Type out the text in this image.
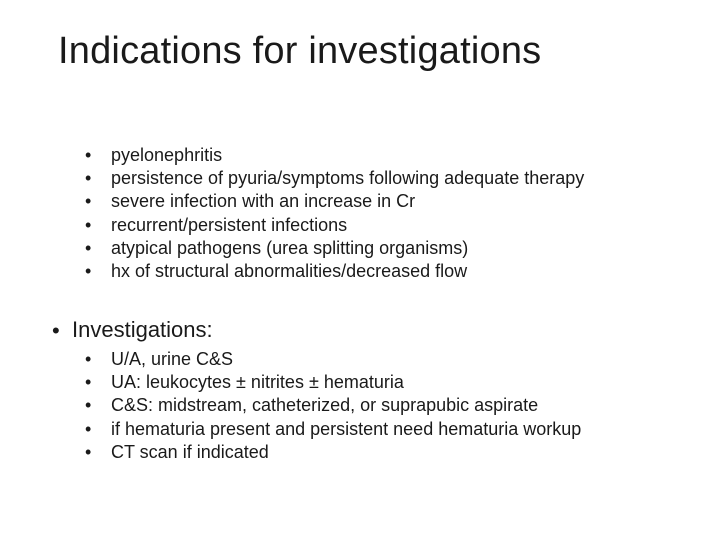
Indications for investigations
• pyelonephritis
• persistence of pyuria/symptoms following adequate therapy
• severe infection with an increase in Cr
• recurrent/persistent infections
• atypical pathogens (urea splitting organisms)
• hx of structural abnormalities/decreased flow
• Investigations:
• U/A, urine C&S
• UA: leukocytes ± nitrites ± hematuria
• C&S: midstream, catheterized, or suprapubic aspirate
• if hematuria present and persistent need hematuria workup
• CT scan if indicated
